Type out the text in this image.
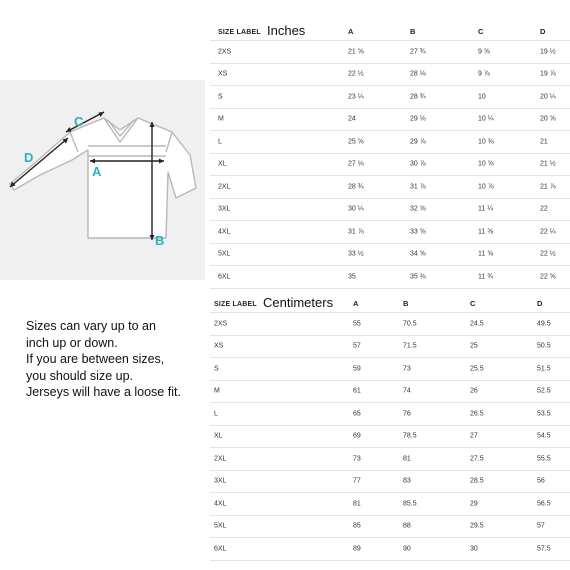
A
B
C
D
Sizes can vary up to an
inch up or down.
If you are between sizes,
you should size up.
Jerseys will have a loose fit.
SIZE LABEL Inches	A	B	C	D
2XS	21 ⅝	27 ¾	9 ⅝	19 ½
XS	22 ½	28 ⅛	9 ⅞	19 ⅞
S	23 ¼	28 ¾	10	20 ¼
M	24	29 ⅛	10 ¼	20 ⅝
L	25 ⅝	29 ⅞	10 ⅜	21
XL	27 ⅛	30 ⅞	10 ⅝	21 ½
2XL	28 ¾	31 ⅞	10 ⅞	21 ⅞
3XL	30 ¼	32 ⅝	11 ¼	22
4XL	31 ⅞	33 ⅝	11 ⅜	22 ¼
5XL	33 ½	34 ⅝	11 ⅝	22 ½
6XL	35	35 ⅜	11 ¾	22 ⅝
SIZE LABEL Centimeters	A	B	C	D
2XS	55	70.5	24.5	49.5
XS	57	71.5	25	50.5
S	59	73	25.5	51.5
M	61	74	26	52.5
L	65	76	26.5	53.5
XL	69	78.5	27	54.5
2XL	73	81	27.5	55.5
3XL	77	83	28.5	56
4XL	81	85.5	29	56.5
5XL	85	88	29.5	57
6XL	89	90	30	57.5
